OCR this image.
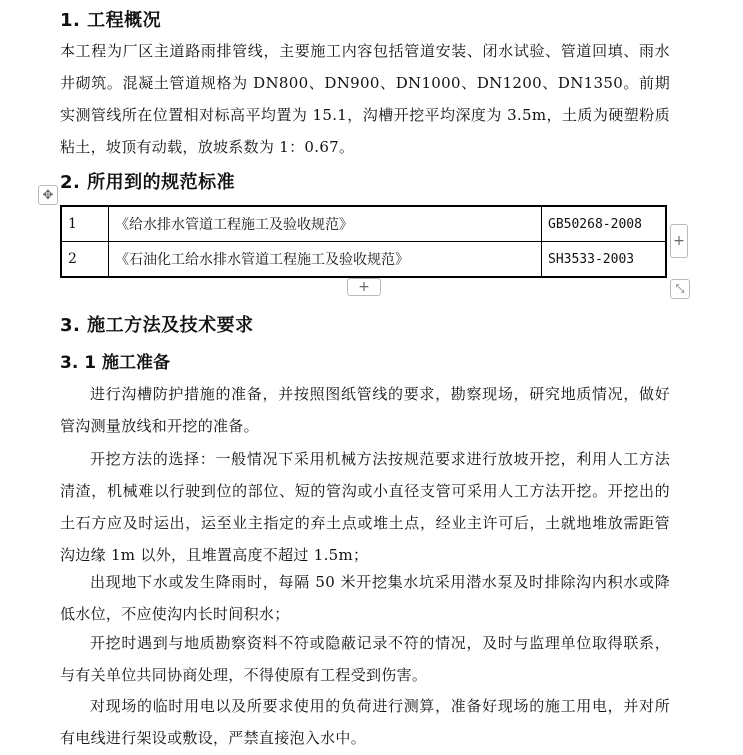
1. 工程概况
本工程为厂区主道路雨排管线，主要施工内容包括管道安装、闭水试验、管道回填、雨水井砌筑。混凝土管道规格为 DN800、DN900、DN1000、DN1200、DN1350。前期实测管线所在位置相对标高平均置为 15.1，沟槽开挖平均深度为 3.5m，土质为硬塑粉质粘土，坡顶有动载，放坡系数为 1：0.67。
2. 所用到的规范标准
✥
1	《给水排水管道工程施工及验收规范》	GB50268-2008
2	《石油化工给水排水管道工程施工及验收规范》	SH3533-2003
+
+	⤡
3. 施工方法及技术要求
3. 1 施工准备
进行沟槽防护措施的准备，并按照图纸管线的要求，勘察现场，研究地质情况，做好管沟测量放线和开挖的准备。
开挖方法的选择：一般情况下采用机械方法按规范要求进行放坡开挖，利用人工方法清渣，机械难以行驶到位的部位、短的管沟或小直径支管可采用人工方法开挖。开挖出的土石方应及时运出，运至业主指定的弃土点或堆土点，经业主许可后，土就地堆放需距管沟边缘 1m 以外，且堆置高度不超过 1.5m；
出现地下水或发生降雨时，每隔 50 米开挖集水坑采用潜水泵及时排除沟内积水或降低水位，不应使沟内长时间积水；
开挖时遇到与地质勘察资料不符或隐蔽记录不符的情况，及时与监理单位取得联系，与有关单位共同协商处理，不得使原有工程受到伤害。
对现场的临时用电以及所要求使用的负荷进行测算，准备好现场的施工用电，并对所有电线进行架设或敷设，严禁直接泡入水中。
